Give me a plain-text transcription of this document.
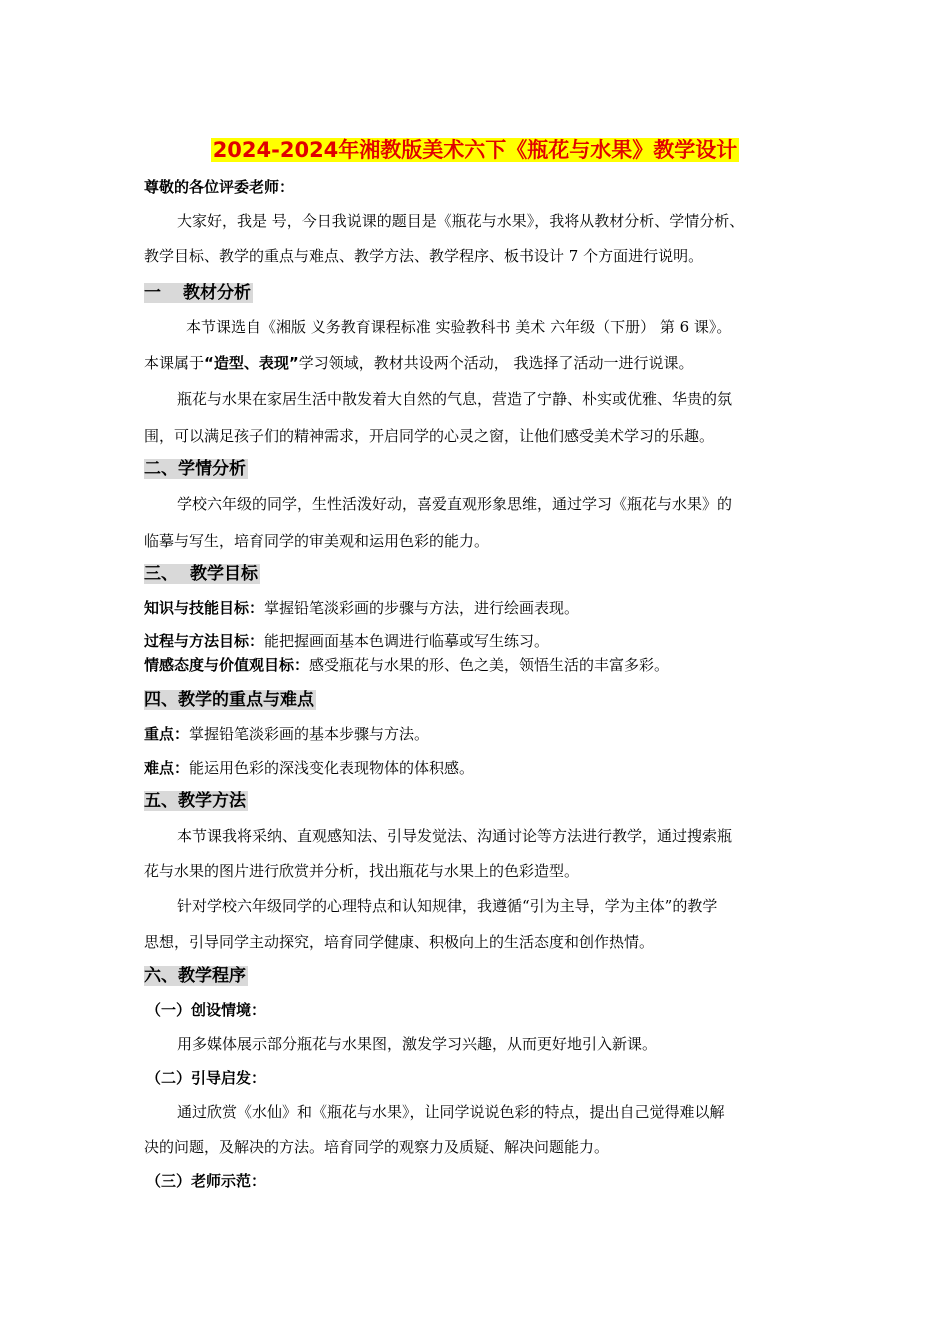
2024-2024年湘教版美术六下《瓶花与水果》教学设计
尊敬的各位评委老师：
大家好，我是 号，今日我说课的题目是《瓶花与水果》，我将从教材分析、学情分析、
教学目标、教学的重点与难点、教学方法、教学程序、板书设计 7 个方面进行说明。
一 教材分析
本节课选自《湘版 义务教育课程标准 实验教科书 美术 六年级（下册） 第 6 课》。
本课属于“造型、表现”学习领域，教材共设两个活动， 我选择了活动一进行说课。
瓶花与水果在家居生活中散发着大自然的气息，营造了宁静、朴实或优雅、华贵的氛
围，可以满足孩子们的精神需求，开启同学的心灵之窗，让他们感受美术学习的乐趣。
二、学情分析
学校六年级的同学，生性活泼好动，喜爱直观形象思维，通过学习《瓶花与水果》的
临摹与写生，培育同学的审美观和运用色彩的能力。
三、 教学目标
知识与技能目标：掌握铅笔淡彩画的步骤与方法，进行绘画表现。
过程与方法目标：能把握画面基本色调进行临摹或写生练习。
情感态度与价值观目标：感受瓶花与水果的形、色之美，领悟生活的丰富多彩。
四、教学的重点与难点
重点：掌握铅笔淡彩画的基本步骤与方法。
难点：能运用色彩的深浅变化表现物体的体积感。
五、教学方法
本节课我将采纳、直观感知法、引导发觉法、沟通讨论等方法进行教学，通过搜索瓶
花与水果的图片进行欣赏并分析，找出瓶花与水果上的色彩造型。
针对学校六年级同学的心理特点和认知规律，我遵循“引为主导，学为主体”的教学
思想，引导同学主动探究，培育同学健康、积极向上的生活态度和创作热情。
六、教学程序
（一）创设情境：
用多媒体展示部分瓶花与水果图，激发学习兴趣，从而更好地引入新课。
（二）引导启发：
通过欣赏《水仙》和《瓶花与水果》，让同学说说色彩的特点，提出自己觉得难以解
决的问题，及解决的方法。培育同学的观察力及质疑、解决问题能力。
（三）老师示范：
